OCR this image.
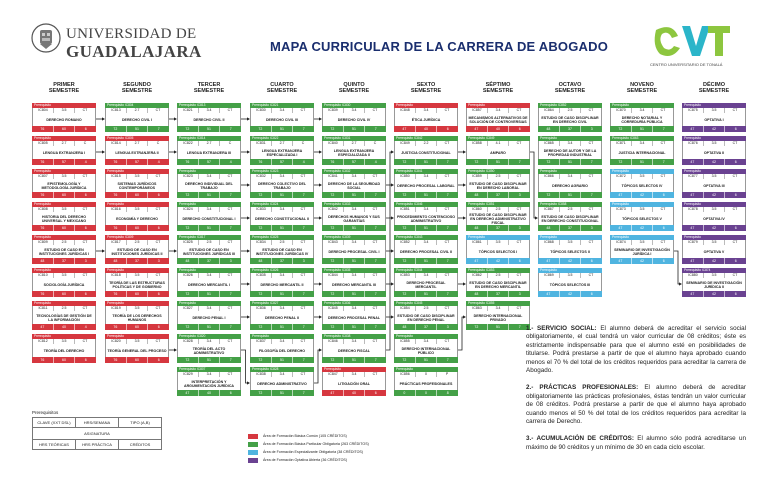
UNIVERSIDAD DE
GUADALAJARA	MAPA CURRICULAR DE LA CARRERA DE ABOGADO
CENTRO UNIVERSITARIO DE TONALÁ
PRIMER
SEMESTRE
SEGUNDO
SEMESTRE
TERCER
SEMESTRE
CUARTO
SEMESTRE
QUINTO
SEMESTRE
SEXTO
SEMESTRE
SÉPTIMO
SEMESTRE
OCTAVO
SEMESTRE
NOVENO
SEMESTRE
DÉCIMO
SEMESTRE
Prerequisito
IC804	3.5	CT
DERECHO ROMANO
76	60	6
Prerequisito
IC805	2.7	C
LENGUA EXTRANJERA I
76	57	4
Prerequisito
IC807	3.5	CT
EPISTEMOLOGÍA Y METODOLOGÍA JURÍDICA
76	60	6
Prerequisito
IC808	3.5	CT
HISTORIA DEL DERECHO UNIVERSAL Y MEXICANO
76	60	6
Prerequisito
IC809	2.5	CT
ESTUDIO DE CASO EN INSTITUCIONES JURÍDICAS I
48	37	3
Prerequisito
IC810	3.5	CT
SOCIOLOGÍA JURÍDICA
76	60	6
Prerequisito
IC811	2.5	CT
TECNOLOGÍAS DE GESTIÓN DE LA INFORMACIÓN
47	40	4
Prerequisito
IC812	3.5	CT
TEORÍA DEL DERECHO
76	60	6
Prerequisito IC804
IC813	2.7	CT
DERECHO CIVIL I
72	51	7
Prerequisito IC805
IC814	2.7	C
LENGUA EXTRANJERA II
76	57	4
Prerequisito
IC815	3.5	CT
SISTEMAS JURÍDICOS CONTEMPORÁNEOS
76	60	6
Prerequisito
IC816	3.5	CT
ECONOMÍA Y DERECHO
76	60	6
Prerequisito IC809
IC817	2.5	CT
ESTUDIO DE CASO EN INSTITUCIONES JURÍDICAS II
48	37	3
Prerequisito
IC818	3.5	CT
TEORÍA DE LAS ESTRUCTURAS POLÍTICAS Y DE GOBIERNO
76	60	6
Prerequisito
IC819	3.5	CT
TEORÍA DE LOS DERECHOS HUMANOS
76	60	6
Prerequisito
IC820	3.5	CT
TEORÍA GENERAL DEL PROCESO
76	60	6
Prerequisito IC813
IC821	3.4	CT
DERECHO CIVIL II
72	51	7
Prerequisito IC814
IC822	2.7	C
LENGUA EXTRANJERA III
76	57	4
Prerequisito
IC823	3.4	CT
DERECHO INDIVIDUAL DEL TRABAJO
72	51	7
Prerequisito
IC824	3.4	CT
DERECHO CONSTITUCIONAL I
72	51	7
Prerequisito IC817
IC825	2.5	CT
ESTUDIO DE CASO EN INSTITUCIONES JURÍDICAS III
48	37	3
Prerequisito
IC826	3.4	CT
DERECHO MERCANTIL I
72	51	7
Prerequisito
IC827	3.4	CT
DERECHO PENAL I
72	51	7
Prerequisito IC820
IC828	3.4	CT
TEORÍA DEL ACTO ADMINISTRATIVO
72	51	7
Prerequisito IC807
IC829	3.4	CT
INTERPRETACIÓN Y ARGUMENTACIÓN JURÍDICA
47	40	6
Prerequisito IC821
IC830	3.4	CT
DERECHO CIVIL III
72	51	7
Prerequisito IC822
IC831	2.7	C
LENGUA EXTRANJERA ESPECIALIZADA I
76	57	4
Prerequisito IC823
IC832	3.4	CT
DERECHO COLECTIVO DEL TRABAJO
72	51	7
Prerequisito IC824
IC833	3.4	CT
DERECHO CONSTITUCIONAL II
72	51	7
Prerequisito IC825
IC834	2.5	CT
ESTUDIO DE CASO EN INSTITUCIONES JURÍDICAS IV
48	37	3
Prerequisito IC826
IC835	3.4	CT
DERECHO MERCANTIL II
72	51	7
Prerequisito IC827
IC836	3.4	CT
DERECHO PENAL II
72	51	7
Prerequisito
IC837	3.4	CT
FILOSOFÍA DEL DERECHO
72	51	7
Prerequisito IC828
IC838	3.4	CT
DERECHO ADMINISTRATIVO
72	51	7
Prerequisito IC830
IC839	3.4	CT
DERECHO CIVIL IV
72	51	7
Prerequisito IC831
IC840	2.7	C
LENGUA EXTRANJERA ESPECIALIZADA II
76	57	4
Prerequisito IC832
IC841	3.4	CT
DERECHO DE LA SEGURIDAD SOCIAL
72	51	7
Prerequisito IC833
IC842	3.4	CT
DERECHOS HUMANOS Y SUS GARANTÍAS
72	51	7
Prerequisito IC839
IC843	3.4	CT
DERECHO PROCESAL CIVIL I
72	51	7
Prerequisito IC835
IC844	3.4	CT
DERECHO MERCANTIL III
72	51	7
Prerequisito IC836
IC845	3.4	CT
DERECHO PROCESAL PENAL
72	51	7
Prerequisito IC838
IC846	3.4	CT
DERECHO FISCAL
72	51	7
Prerequisito
IC847	3.4	CT
LITIGACIÓN ORAL
47	40	6
Prerequisito
IC848	3.4	CT
ÉTICA JURÍDICA
47	40	6
Prerequisito IC842
IC849	2.2	CT
JUSTICIA CONSTITUCIONAL
72	51	7
Prerequisito IC841
IC850	3.4	CT
DERECHO PROCESAL LABORAL
72	51	7
Prerequisito IC846
IC851	3.4	CT
PROCEDIMIENTO CONTENCIOSO ADMINISTRATIVO
72	51	7
Prerequisito IC843
IC852	3.4	CT
DERECHO PROCESAL CIVIL II
72	51	7
Prerequisito IC844
IC853	3.4	CT
DERECHO PROCESAL MERCANTIL
72	51	7
Prerequisito IC845
IC854	2.5	CT
ESTUDIO DE CASO DISCIPLINAR EN DERECHO PENAL
48	37	3
Prerequisito
IC855	3.4	CT
DERECHO INTERNACIONAL PÚBLICO
72	51	7
Prerequisito
IC856	0	P
PRÁCTICAS PROFESIONALES
0	0	8
Prerequisito
IC857	3.4	CT
MECANISMOS ALTERNATIVOS DE SOLUCIÓN DE CONTROVERSIAS
47	40	6
Prerequisito IC849
IC858	4.1	CT
AMPARO
72	51	7
Prerequisito IC850
IC859	2.5	CT
ESTUDIO DE CASO DISCIPLINAR EN DERECHO LABORAL
48	37	3
Prerequisito IC851
IC860	2.5	CT
ESTUDIO DE CASO DISCIPLINAR EN DERECHO ADMINISTRATIVO FISCAL
48	37	3
Prerequisito
IC861	3.5	CT
TÓPICOS SELECTOS I
47	42	6
Prerequisito IC853
IC862	2.5	CT
ESTUDIO DE CASO DISCIPLINAR EN DERECHO MERCANTIL
48	37	3
Prerequisito IC855
IC863	3.4	CT
DERECHO INTERNACIONAL PRIVADO
72	51	7
Prerequisito IC852
IC864	2.5	CT
ESTUDIO DE CASO DISCIPLINAR EN DERECHO CIVIL
48	37	3
Prerequisito
IC865	3.4	CT
DERECHO DE AUTOR Y DE LA PROPIEDAD INDUSTRIAL
72	51	7
Prerequisito
IC866	3.4	CT
DERECHO AGRARIO
72	51	7
Prerequisito IC858
IC867	2.5	CT
ESTUDIO DE CASO DISCIPLINAR EN DERECHO CONSTITUCIONAL
48	37	3
Prerequisito
IC868	3.5	CT
TÓPICOS SELECTOS II
47	42	6
Prerequisito
IC869	3.5	CT
TÓPICOS SELECTOS III
47	42	6
Prerequisito
IC870	3.4	CT
DERECHO NOTARIAL Y CORREDURÍA PÚBLICA
72	51	7
Prerequisito IC863
IC871	3.4	CT
JUSTICIA INTERNACIONAL
72	51	7
Prerequisito
IC872	3.5	CT
TÓPICOS SELECTOS IV
47	42	6
Prerequisito
IC873	3.5	CT
TÓPICOS SELECTOS V
47	42	6
Prerequisito
IC874	3.5	CT
SEMINARIO DE INVESTIGACIÓN JURÍDICA I
47	42	6
Prerequisito
IC875	3.5	CT
OPTATIVA I
47	42	6
Prerequisito
IC876	3.5	CT
OPTATIVA II
47	42	6
Prerequisito
IC877	3.5	CT
OPTATIVA III
47	42	6
Prerequisito
IC878	3.5	CT
OPTATIVA IV
47	42	6
Prerequisito
IC879	3.5	CT
OPTATIVA V
47	42	6
Prerequisito IC874
IC880	3.5	CT
SEMINARIO DE INVESTIGACIÓN JURÍDICA II
47	42	6
Prerequisitos
CLAVE (XXT DSL)	HRS/SEMANA	TIPO (A,B)
ASIGNATURA
HRS TEÓRICAS	HRS PRÁCTICA	CRÉDITOS
Área de Formación Básica Común (105 CRÉDITOS)
Área de Formación Básica Particular Obligatoria (263 CRÉDITOS)
Área de Formación Especializante Obligatoria (38 CRÉDITOS)
Área de Formación Optativa Abierta (36 CRÉDITOS)

1.- SERVICIO SOCIAL: El alumno deberá de acreditar el servicio social obligatoriamente, el cual tendrá un valor curricular de 08 créditos; éste es estrictamente indispensable para que el alumno esté en posibilidades de titularse. Podrá prestarse a partir de que el alumno haya aprobado cuando menos el 70 % del total de los créditos requeridos para acreditar la carrera de Abogado.

2.- PRÁCTICAS PROFESIONALES: El alumno deberá de acreditar obligatoriamente las prácticas profesionales, éstas tendrán un valor curricular de 08 créditos. Podrá prestarse a partir de que el alumno haya aprobado cuando menos el 50 % del total de los créditos requeridos para acreditar la carrera de Derecho.

3.- ACUMULACIÓN DE CRÉDITOS: El alumno sólo podrá acreditarse un máximo de 90 créditos y un mínimo de 30 en cada ciclo escolar.
